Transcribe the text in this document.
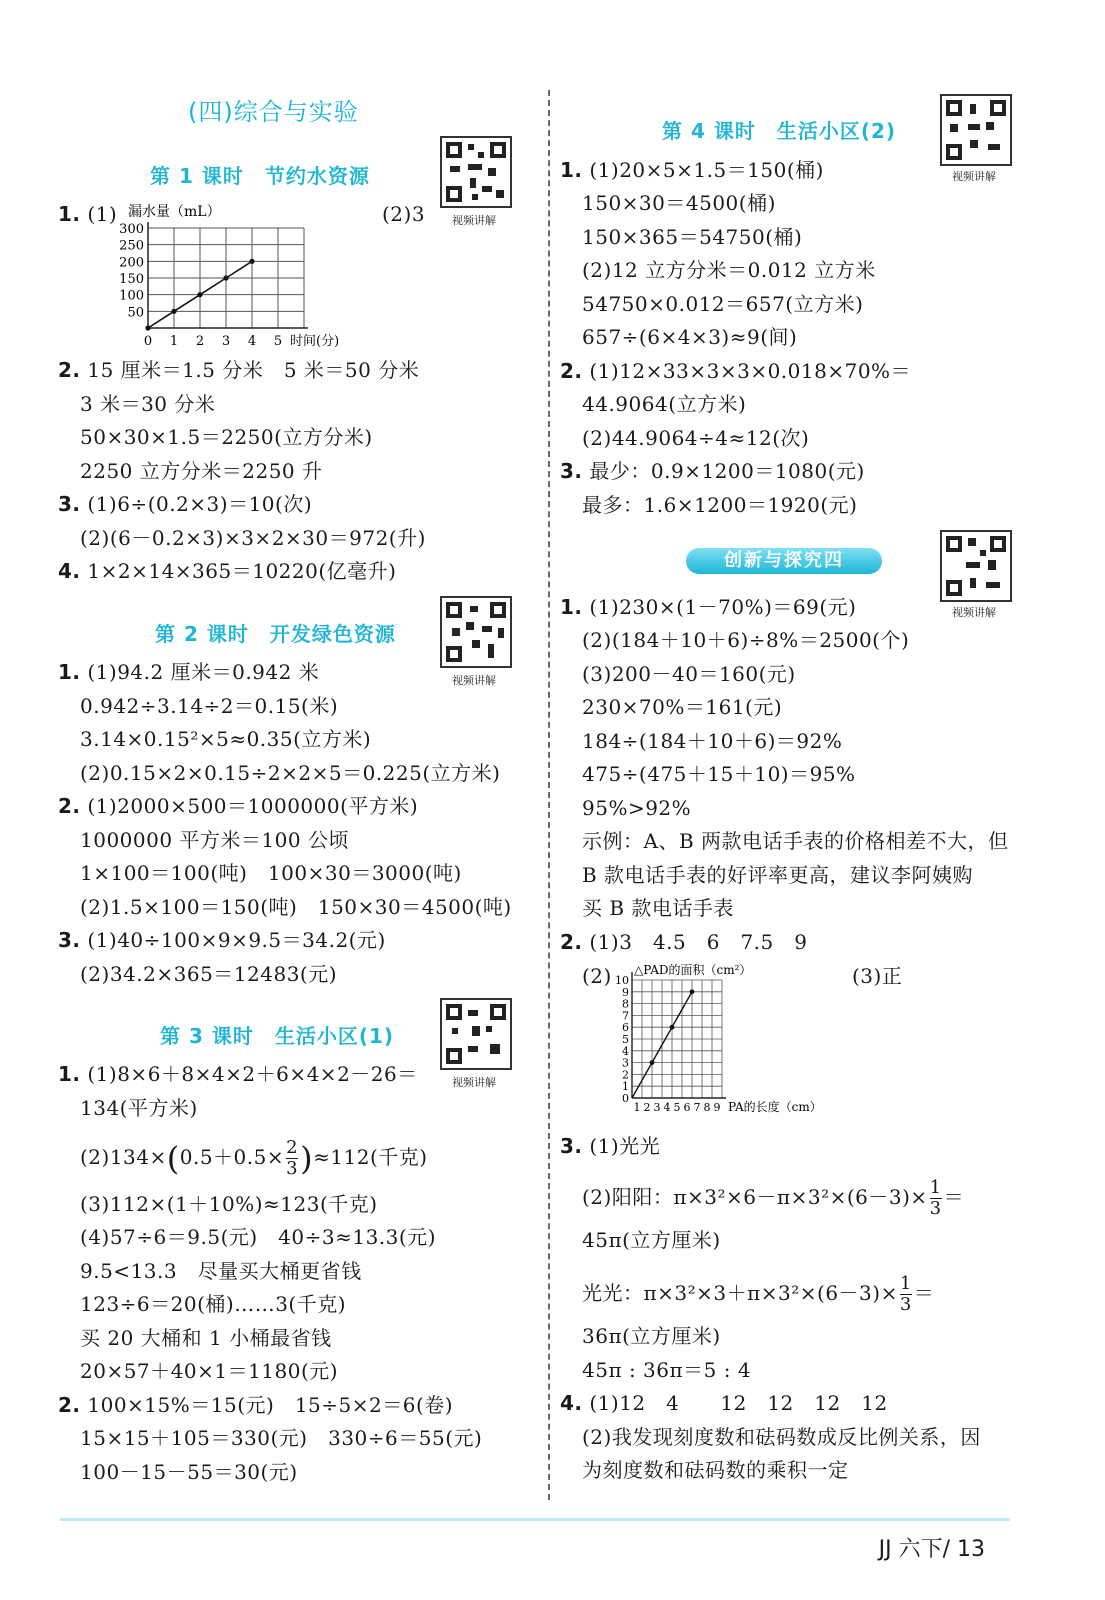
(四)综合与实验
第 1 课时　节约水资源
视频讲解
1. (1)	(2)3
漏水量（mL）
50
100
150
200
250
300
0 1 2 3 4 5 时间(分)
2. 15 厘米＝1.5 分米　5 米＝50 分米
3 米＝30 分米
50×30×1.5＝2250(立方分米)
2250 立方分米＝2250 升
3. (1)6÷(0.2×3)＝10(次)
(2)(6－0.2×3)×3×2×30＝972(升)
4. 1×2×14×365＝10220(亿毫升)
第 2 课时　开发绿色资源
视频讲解
1. (1)94.2 厘米＝0.942 米
0.942÷3.14÷2＝0.15(米)
3.14×0.15²×5≈0.35(立方米)
(2)0.15×2×0.15÷2×2×5＝0.225(立方米)
2. (1)2000×500＝1000000(平方米)
1000000 平方米＝100 公顷
1×100＝100(吨)　100×30＝3000(吨)
(2)1.5×100＝150(吨)　150×30＝4500(吨)
3. (1)40÷100×9×9.5＝34.2(元)
(2)34.2×365＝12483(元)
第 3 课时　生活小区(1)
视频讲解
1. (1)8×6＋8×4×2＋6×4×2－26＝
134(平方米)
$(2)134\times(0.5+0.5\times \frac{2}{3} )\approx 112$(千克)
(3)112×(1＋10%)≈123(千克)
(4)57÷6＝9.5(元)　40÷3≈13.3(元)
9.5<13.3　尽量买大桶更省钱
123÷6＝20(桶)……3(千克)
买 20 大桶和 1 小桶最省钱
20×57＋40×1＝1180(元)
2. 100×15%＝15(元)　15÷5×2＝6(卷)
15×15＋105＝330(元)　330÷6＝55(元)
100－15－55＝30(元)
第 4 课时　生活小区(2)
视频讲解
1. (1)20×5×1.5＝150(桶)
150×30＝4500(桶)
150×365＝54750(桶)
(2)12 立方分米＝0.012 立方米
54750×0.012＝657(立方米)
657÷(6×4×3)≈9(间)
2. (1)12×33×3×3×0.018×70%＝
44.9064(立方米)
(2)44.9064÷4≈12(次)
3. 最少：0.9×1200＝1080(元)
最多：1.6×1200＝1920(元)
创新与探究四
视频讲解
1. (1)230×(1－70%)＝69(元)
(2)(184＋10＋6)÷8%＝2500(个)
(3)200－40＝160(元)
230×70%＝161(元)
184÷(184＋10＋6)＝92%
475÷(475＋15＋10)＝95%
95%>92%
示例：A、B 两款电话手表的价格相差不大，但
B 款电话手表的好评率更高，建议李阿姨购
买 B 款电话手表
2. (1)3　4.5　6　7.5　9
(2)	(3)正
△PAD的面积（cm²）
0
1
2
3
4
5
6
7
8
9
10
1 2 3 4 5 6 7 8 9 PA的长度（cm）
3. (1)光光
(2)阳阳：$\pi\times 3^2\times 6-\pi\times 3^2\times(6-3)\times \frac{1}{3}$ ＝
45π(立方厘米)
光光：$\pi\times 3^2\times 3+\pi\times 3^2\times(6-3)\times \frac{1}{3}$ ＝
36π(立方厘米)
45π : 36π＝5 : 4
4. (1)12　4　　12　12　12　12
(2)我发现刻度数和砝码数成反比例关系，因
为刻度数和砝码数的乘积一定
JJ 六下/ 13
